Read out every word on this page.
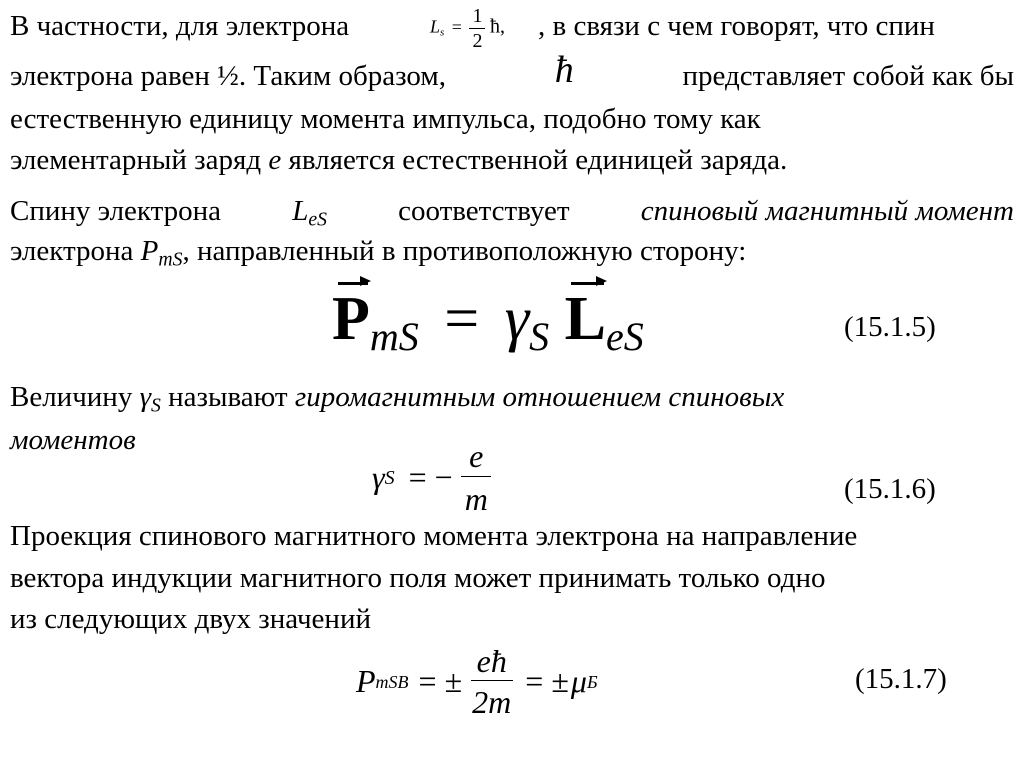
В частности, для электрона	$L_s = \frac{1}{2}$ ħ, , в связи с чем говорят, что спин
электрона равен ½. Таким образом,	ħ	представляет собой как бы
естественную единицу момента импульса, подобно тому как
элементарный заряд e является естественной единицей заряда.
Спину электрона $L_{eS}$ соответствует спиновый магнитный момент
электрона $P_{mS}$, направленный в противоположную сторону:
$P_{mS} = \gamma_S$ $L_{eS}$	(15.1.5)
Величину $\gamma_S$ называют гиромагнитным отношением спиновых
моментов
γ S = − $\frac{e}{m}$	(15.1.6)
Проекция спинового магнитного момента электрона на направление
вектора индукции магнитного поля может принимать только одно
из следующих двух значений
P mSB = ± $\frac{eħ}{2m}$ = ± μ Б	(15.1.7)
